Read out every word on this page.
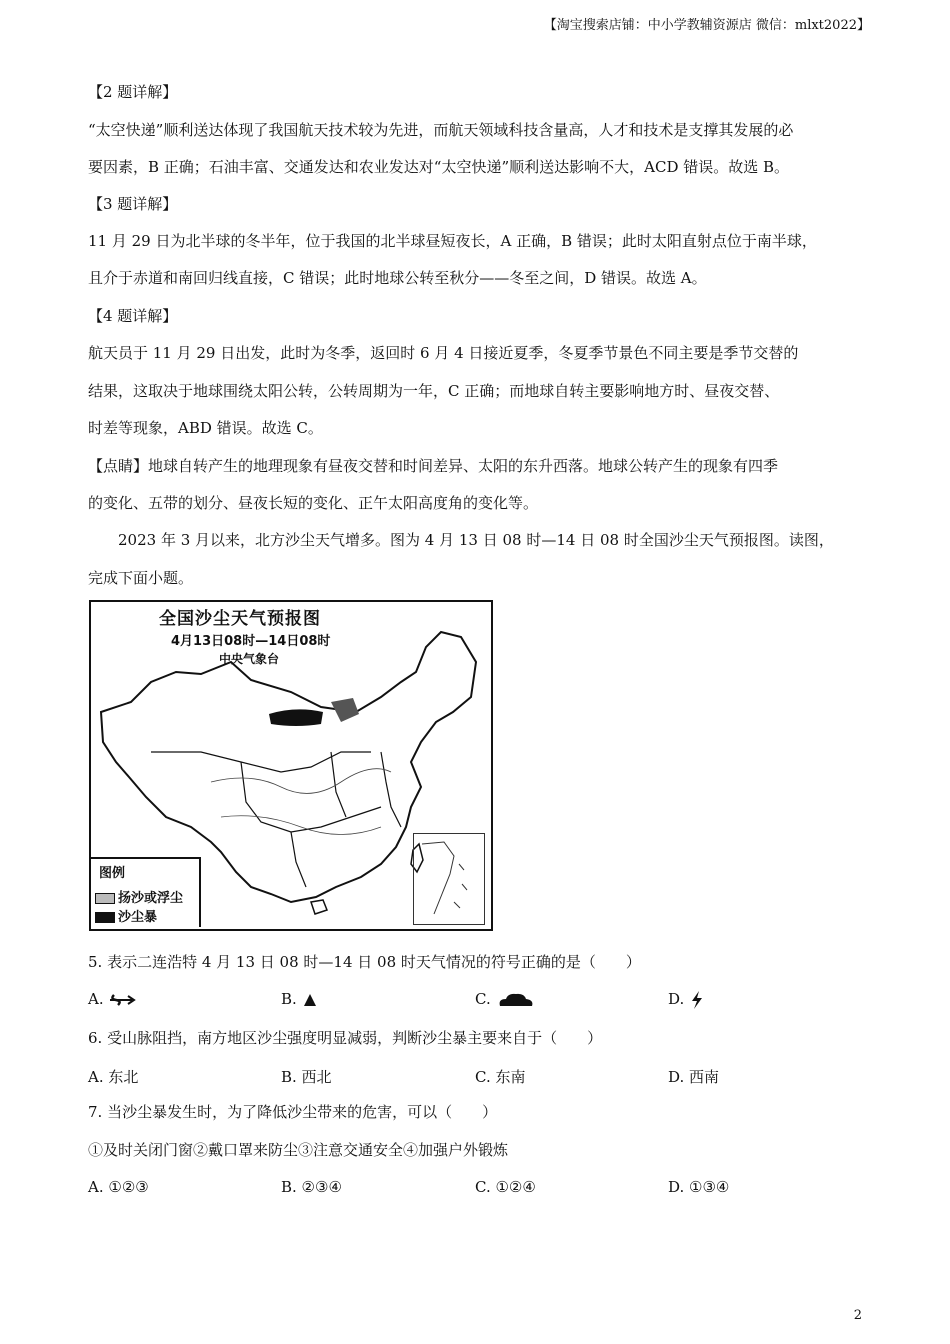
【淘宝搜索店铺：中小学教辅资源店 微信：mlxt2022】
【2 题详解】
“太空快递”顺利送达体现了我国航天技术较为先进，而航天领域科技含量高，人才和技术是支撑其发展的必
要因素，B 正确；石油丰富、交通发达和农业发达对“太空快递”顺利送达影响不大，ACD 错误。故选 B。
【3 题详解】
11 月 29 日为北半球的冬半年，位于我国的北半球昼短夜长，A 正确，B 错误；此时太阳直射点位于南半球，
且介于赤道和南回归线直接，C 错误；此时地球公转至秋分——冬至之间，D 错误。故选 A。
【4 题详解】
航天员于 11 月 29 日出发，此时为冬季，返回时 6 月 4 日接近夏季，冬夏季节景色不同主要是季节交替的
结果，这取决于地球围绕太阳公转，公转周期为一年，C 正确；而地球自转主要影响地方时、昼夜交替、
时差等现象，ABD 错误。故选 C。
【点睛】地球自转产生的地理现象有昼夜交替和时间差异、太阳的东升西落。地球公转产生的现象有四季
的变化、五带的划分、昼夜长短的变化、正午太阳高度角的变化等。
2023 年 3 月以来，北方沙尘天气增多。图为 4 月 13 日 08 时—14 日 08 时全国沙尘天气预报图。读图，
完成下面小题。
全国沙尘天气预报图
4月13日08时—14日08时
中央气象台
图例
扬沙或浮尘
沙尘暴
5. 表示二连浩特 4 月 13 日 08 时—14 日 08 时天气情况的符号正确的是（　　）
A.	B.	C.	D.
6. 受山脉阻挡，南方地区沙尘强度明显减弱，判断沙尘暴主要来自于（　　）
A. 东北	B. 西北	C. 东南	D. 西南
7. 当沙尘暴发生时，为了降低沙尘带来的危害，可以（　　）
①及时关闭门窗②戴口罩来防尘③注意交通安全④加强户外锻炼
A. ①②③	B. ②③④	C. ①②④	D. ①③④
2
